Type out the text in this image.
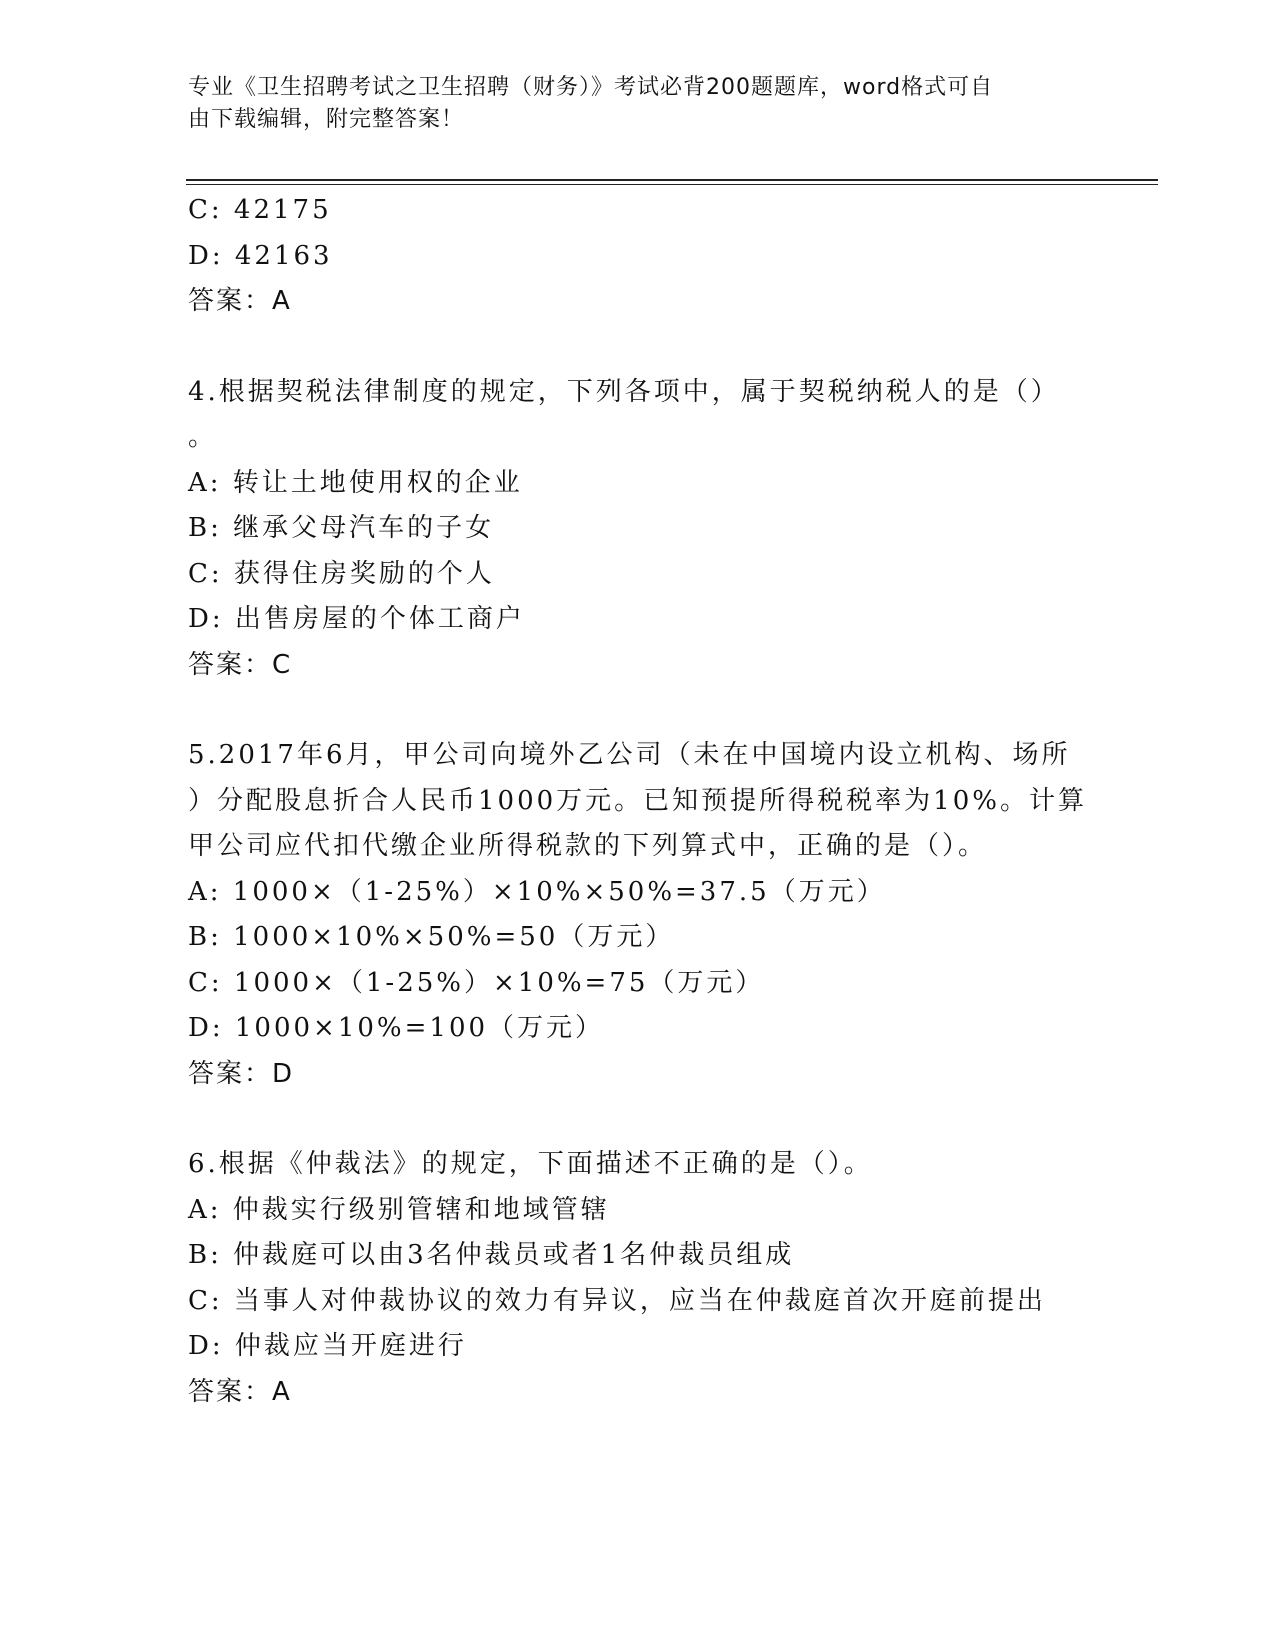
专业《卫生招聘考试之卫生招聘（财务）》考试必背200题题库，word格式可自
由下载编辑，附完整答案！
C: 42175
D: 42163
答案：A
4.根据契税法律制度的规定，下列各项中，属于契税纳税人的是（）
。
A: 转让土地使用权的企业
B: 继承父母汽车的子女
C: 获得住房奖励的个人
D: 出售房屋的个体工商户
答案：C
5.2017年6月，甲公司向境外乙公司（未在中国境内设立机构、场所
）分配股息折合人民币1000万元。已知预提所得税税率为10%。计算
甲公司应代扣代缴企业所得税款的下列算式中，正确的是（）。
A: 1000×（1-25%）×10%×50%=37.5（万元）
B: 1000×10%×50%=50（万元）
C: 1000×（1-25%）×10%=75（万元）
D: 1000×10%=100（万元）
答案：D
6.根据《仲裁法》的规定，下面描述不正确的是（）。
A: 仲裁实行级别管辖和地域管辖
B: 仲裁庭可以由3名仲裁员或者1名仲裁员组成
C: 当事人对仲裁协议的效力有异议，应当在仲裁庭首次开庭前提出
D: 仲裁应当开庭进行
答案：A
